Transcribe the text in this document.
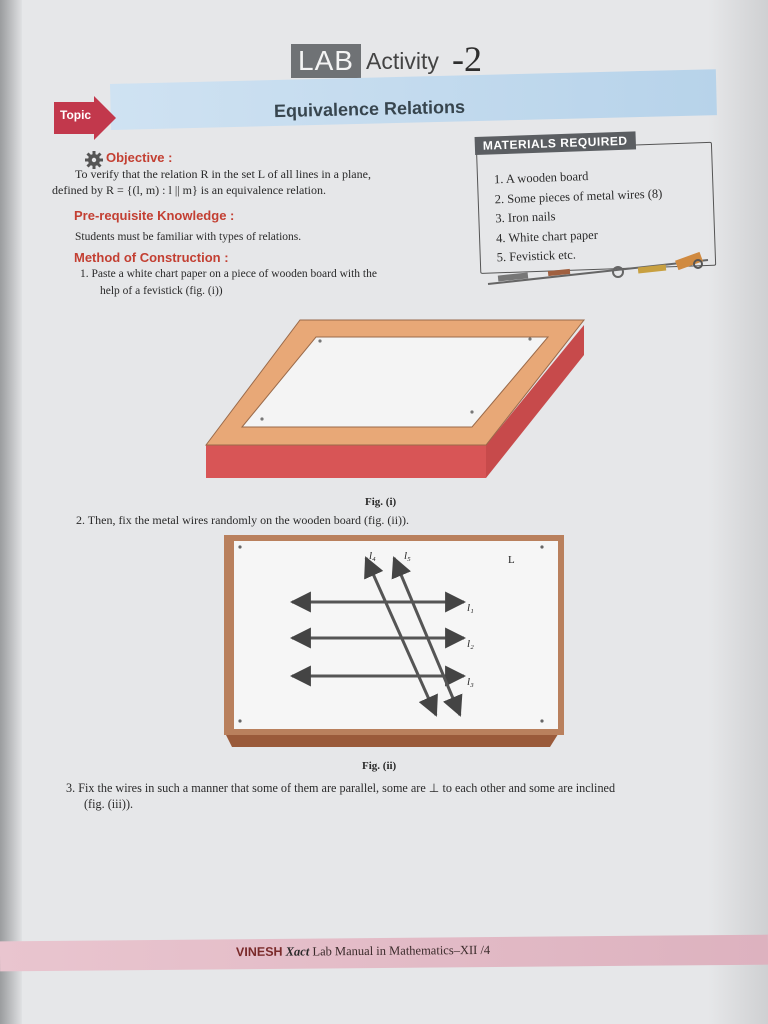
LAB Activity -2
Topic	Equivalence Relations
Objective :
To verify that the relation R in the set L of all lines in a plane,
defined by R = {(l, m) : l || m} is an equivalence relation.
Pre-requisite Knowledge :
Students must be familiar with types of relations.
Method of Construction :
1. Paste a white chart paper on a piece of wooden board with the
help of a fevistick (fig. (i))
MATERIALS REQUIRED
1. A wooden board
2. Some pieces of metal wires (8)
3. Iron nails
4. White chart paper
5. Fevistick etc.
Fig. (i)
2. Then, fix the metal wires randomly on the wooden board (fig. (ii)).
L
l₁
l₂
l₃
l₄	l₅
Fig. (ii)
3. Fix the wires in such a manner that some of them are parallel, some are ⊥ to each other and some are inclined
(fig. (iii)).
VINESH Xact Lab Manual in Mathematics–XII /4
